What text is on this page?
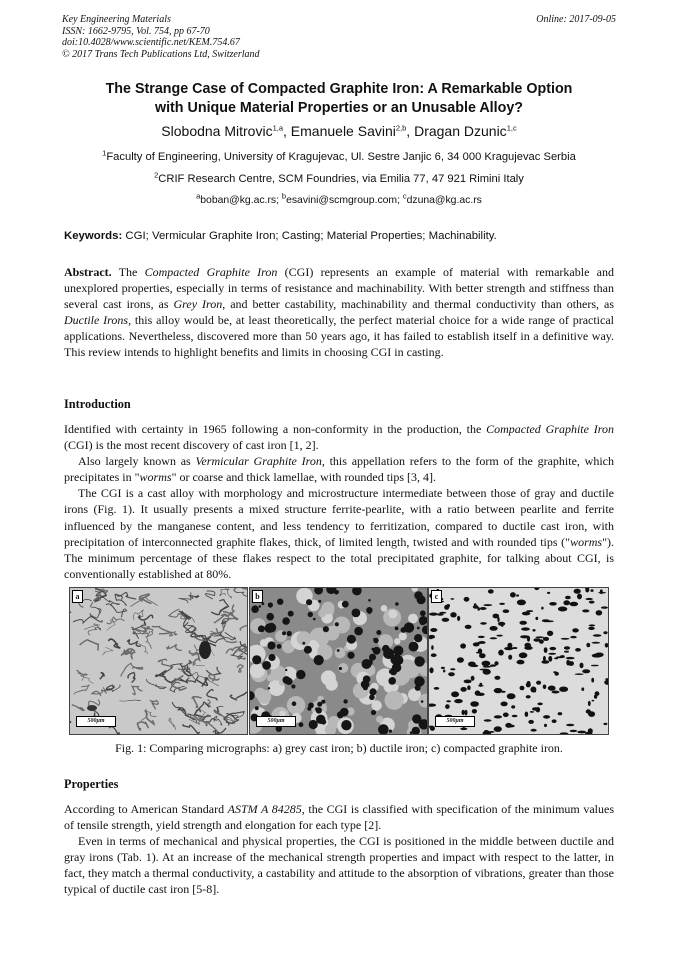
Key Engineering Materials
ISSN: 1662-9795, Vol. 754, pp 67-70
doi:10.4028/www.scientific.net/KEM.754.67
© 2017 Trans Tech Publications Ltd, Switzerland
Online: 2017-09-05
The Strange Case of Compacted Graphite Iron: A Remarkable Option
with Unique Material Properties or an Unusable Alloy?
Slobodna Mitrovic$^{1,a}$, Emanuele Savini$^{2,b}$, Dragan Dzunic$^{1,c}$
$^1$Faculty of Engineering, University of Kragujevac, Ul. Sestre Janjic 6, 34 000 Kragujevac Serbia
$^2$CRIF Research Centre, SCM Foundries, via Emilia 77, 47 921 Rimini Italy
$^a$boban@kg.ac.rs; $^b$esavini@scmgroup.com; $^c$dzuna@kg.ac.rs
Keywords: CGI; Vermicular Graphite Iron; Casting; Material Properties; Machinability.

Abstract. The Compacted Graphite Iron (CGI) represents an example of material with remarkable and unexplored properties, especially in terms of resistance and machinability. With better strength and stiffness than several cast irons, as Grey Iron, and better castability, machinability and thermal conductivity than others, as Ductile Irons, this alloy would be, at least theoretically, the perfect material choice for a wide range of practical applications. Nevertheless, discovered more than 50 years ago, it has failed to establish itself in a definitive way. This review intends to highlight benefits and limits in choosing CGI in casting.

Introduction

Identified with certainty in 1965 following a non-conformity in the production, the Compacted Graphite Iron (CGI) is the most recent discovery of cast iron [1, 2].

Also largely known as Vermicular Graphite Iron, this appellation refers to the form of the graphite, which precipitates in "worms" or coarse and thick lamellae, with rounded tips [3, 4].

The CGI is a cast alloy with morphology and microstructure intermediate between those of gray and ductile irons (Fig. 1). It usually presents a mixed structure ferrite-pearlite, with a ratio between pearlite and ferrite influenced by the manganese content, and less tendency to ferritization, compared to ductile cast iron, with precipitation of interconnected graphite flakes, thick, of limited length, twisted and with rounded tips ("worms"). The minimum percentage of these flakes respect to the total precipitated graphite, for talking about CGI, is conventionally established at 80%.

a
500μm
b
500μm
c
500μm
Fig. 1: Comparing micrographs: a) grey cast iron; b) ductile iron; c) compacted graphite iron.
Properties

According to American Standard ASTM A 84285, the CGI is classified with specification of the minimum values of tensile strength, yield strength and elongation for each type [2].

Even in terms of mechanical and physical properties, the CGI is positioned in the middle between ductile and gray irons (Tab. 1). At an increase of the mechanical strength properties and impact with respect to the latter, in fact, they match a thermal conductivity, a castability and attitude to the absorption of vibrations, greater than those typical of ductile cast iron [5-8].
